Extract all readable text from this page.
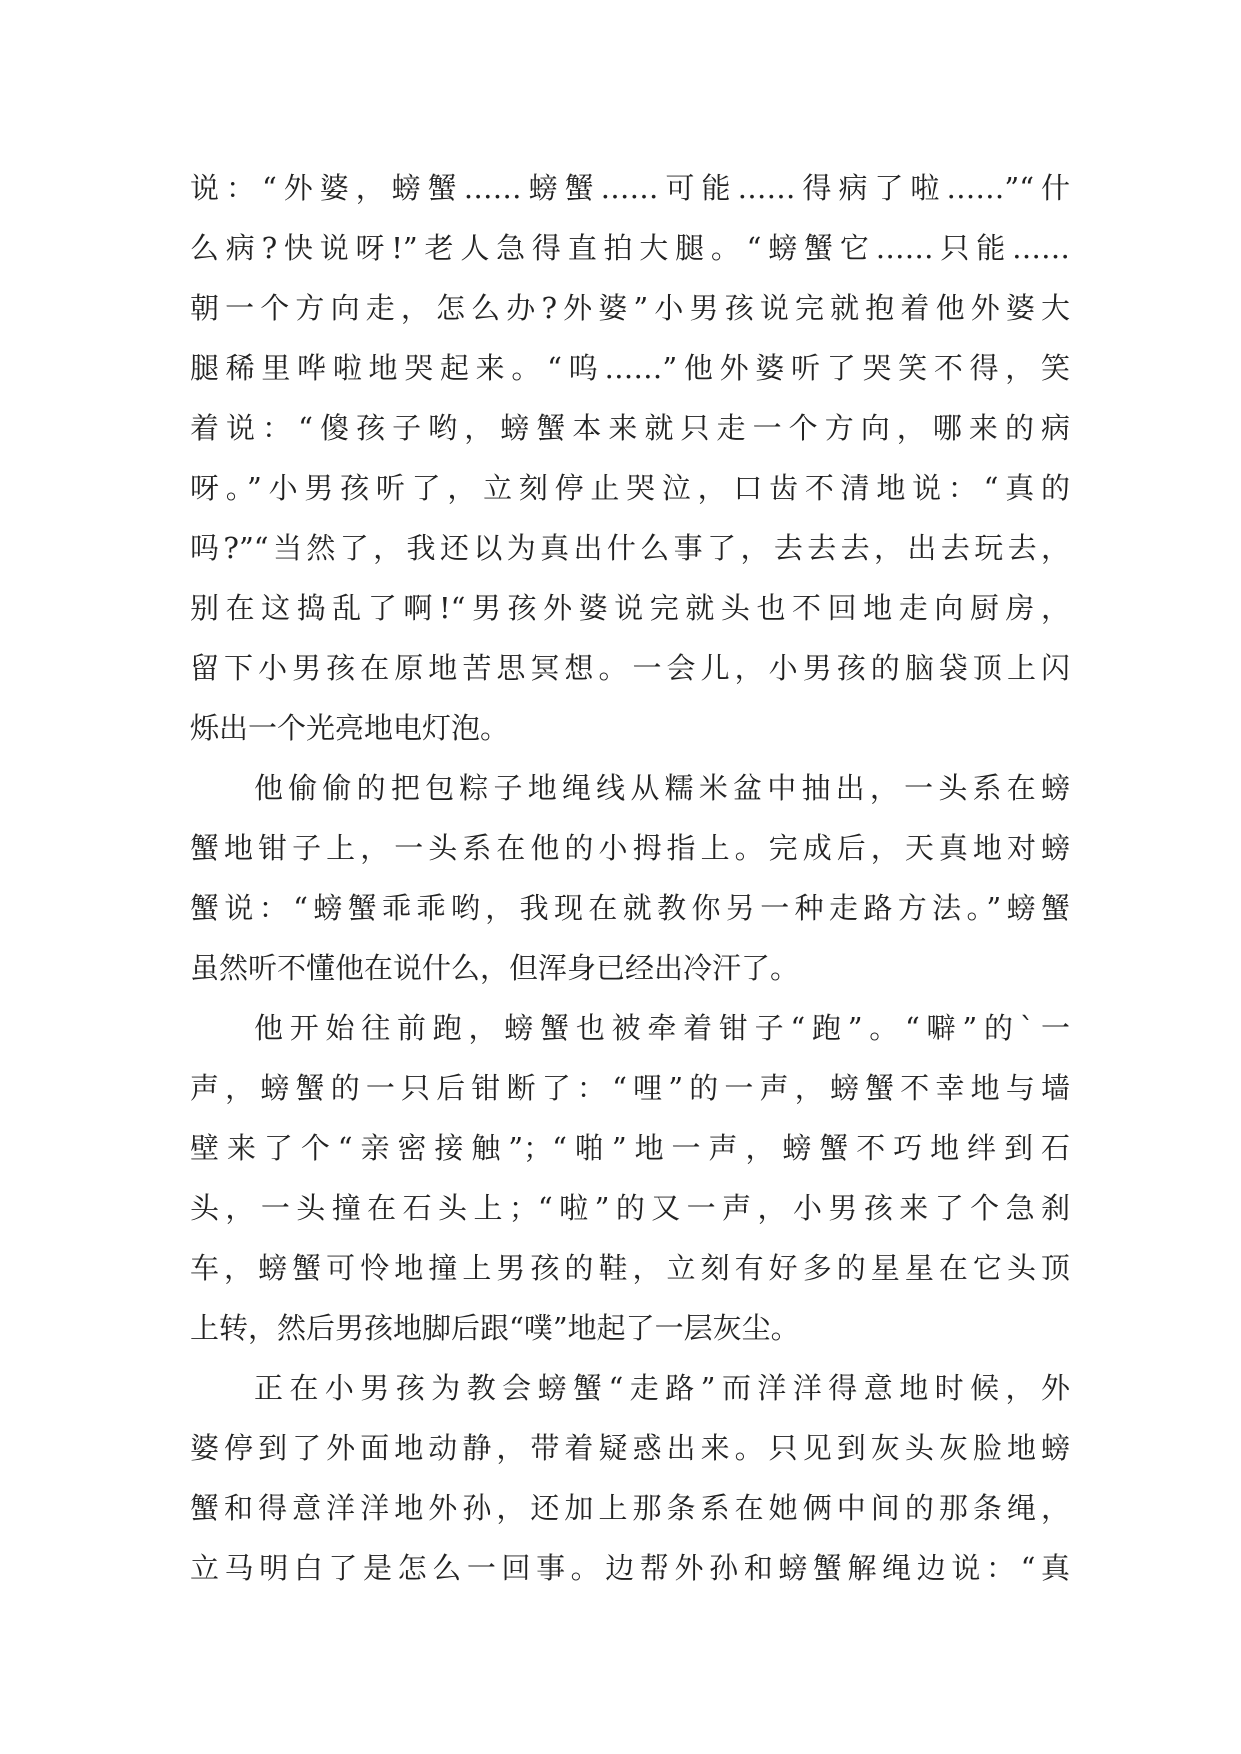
说：“外婆，螃蟹……螃蟹……可能……得病了啦……”“什
么病?快说呀!”老人急得直拍大腿。“螃蟹它……只能……
朝一个方向走，怎么办?外婆”小男孩说完就抱着他外婆大
腿稀里哗啦地哭起来。“呜……”他外婆听了哭笑不得，笑
着说：“傻孩子哟，螃蟹本来就只走一个方向，哪来的病
呀。”小男孩听了，立刻停止哭泣，口齿不清地说：“真的
吗?”“当然了，我还以为真出什么事了，去去去，出去玩去，
别在这捣乱了啊!“男孩外婆说完就头也不回地走向厨房，
留下小男孩在原地苦思冥想。一会儿，小男孩的脑袋顶上闪
烁出一个光亮地电灯泡。
他偷偷的把包粽子地绳线从糯米盆中抽出，一头系在螃
蟹地钳子上，一头系在他的小拇指上。完成后，天真地对螃
蟹说：“螃蟹乖乖哟，我现在就教你另一种走路方法。”螃蟹
虽然听不懂他在说什么，但浑身已经出冷汗了。
他开始往前跑，螃蟹也被牵着钳子“跑”。“噼”的`一
声，螃蟹的一只后钳断了：“哩”的一声，螃蟹不幸地与墙
壁来了个“亲密接触”；“啪”地一声，螃蟹不巧地绊到石
头，一头撞在石头上；“啦”的又一声，小男孩来了个急刹
车，螃蟹可怜地撞上男孩的鞋，立刻有好多的星星在它头顶
上转，然后男孩地脚后跟“噗”地起了一层灰尘。
正在小男孩为教会螃蟹“走路”而洋洋得意地时候，外
婆停到了外面地动静，带着疑惑出来。只见到灰头灰脸地螃
蟹和得意洋洋地外孙，还加上那条系在她俩中间的那条绳，
立马明白了是怎么一回事。边帮外孙和螃蟹解绳边说：“真
